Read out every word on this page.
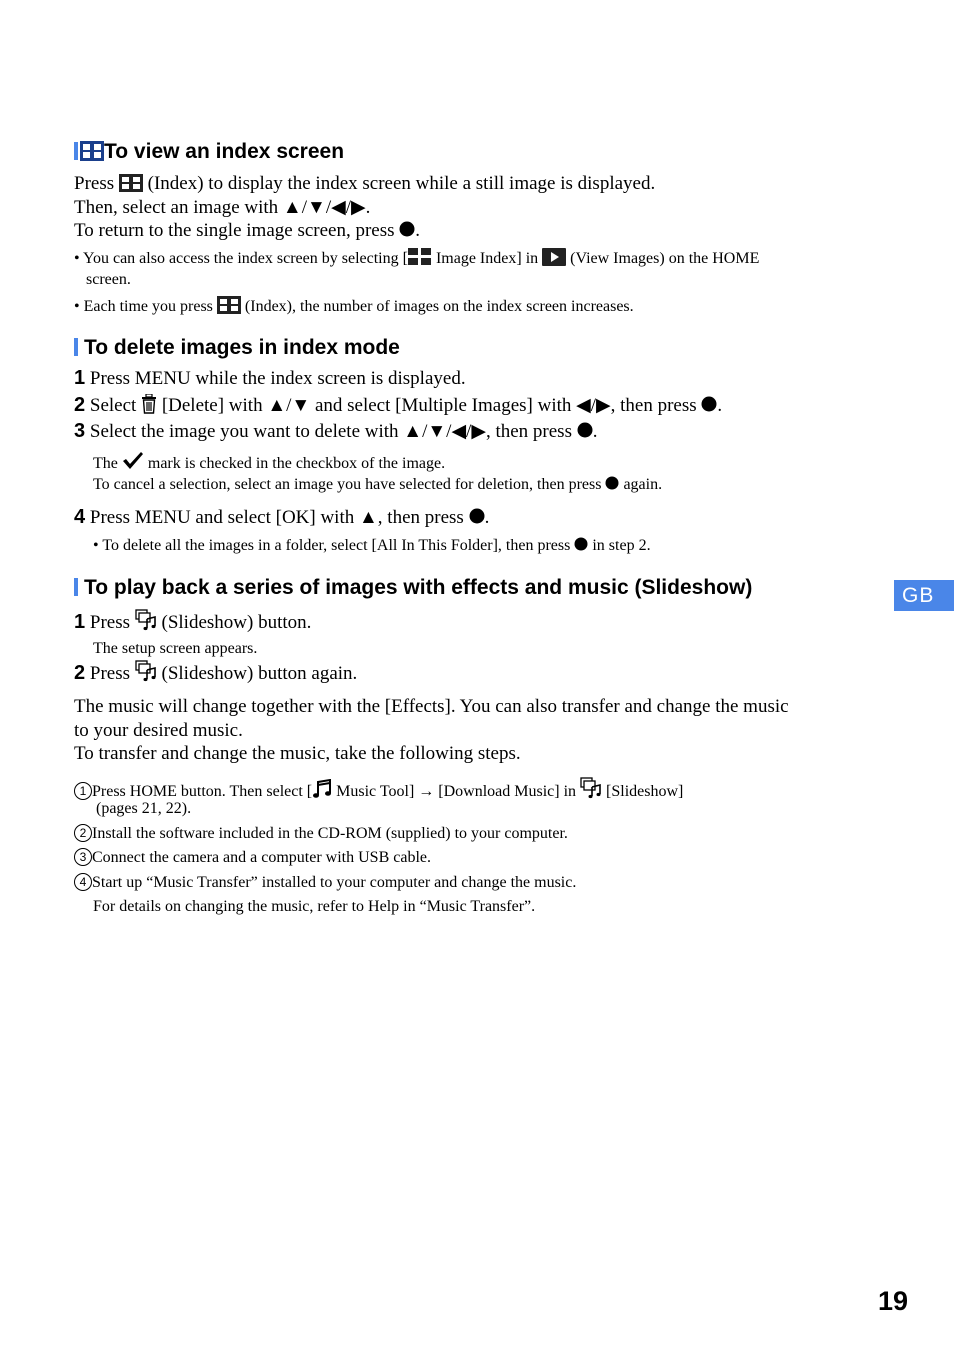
To view an index screen
Press (Index) to display the index screen while a still image is displayed.
Then, select an image with ▲/▼/◀/▶.
To return to the single image screen, press .
• You can also access the index screen by selecting [ Image Index] in (View Images) on the HOME
screen.
• Each time you press (Index), the number of images on the index screen increases.
To delete images in index mode
1 Press MENU while the index screen is displayed.
2 Select [Delete] with ▲/▼ and select [Multiple Images] with ◀/▶, then press .
3 Select the image you want to delete with ▲/▼/◀/▶, then press .
The mark is checked in the checkbox of the image.
To cancel a selection, select an image you have selected for deletion, then press again.
4 Press MENU and select [OK] with ▲, then press .
• To delete all the images in a folder, select [All In This Folder], then press in step 2.
To play back a series of images with effects and music (Slideshow)
1 Press (Slideshow) button.
The setup screen appears.
2 Press (Slideshow) button again.
The music will change together with the [Effects]. You can also transfer and change the music
to your desired music.
To transfer and change the music, take the following steps.
1 Press HOME button. Then select [ Music Tool] → [Download Music] in [Slideshow]
(pages 21, 22).
2 Install the software included in the CD-ROM (supplied) to your computer.
3 Connect the camera and a computer with USB cable.
4 Start up “Music Transfer” installed to your computer and change the music.
For details on changing the music, refer to Help in “Music Transfer”.
GB
19
